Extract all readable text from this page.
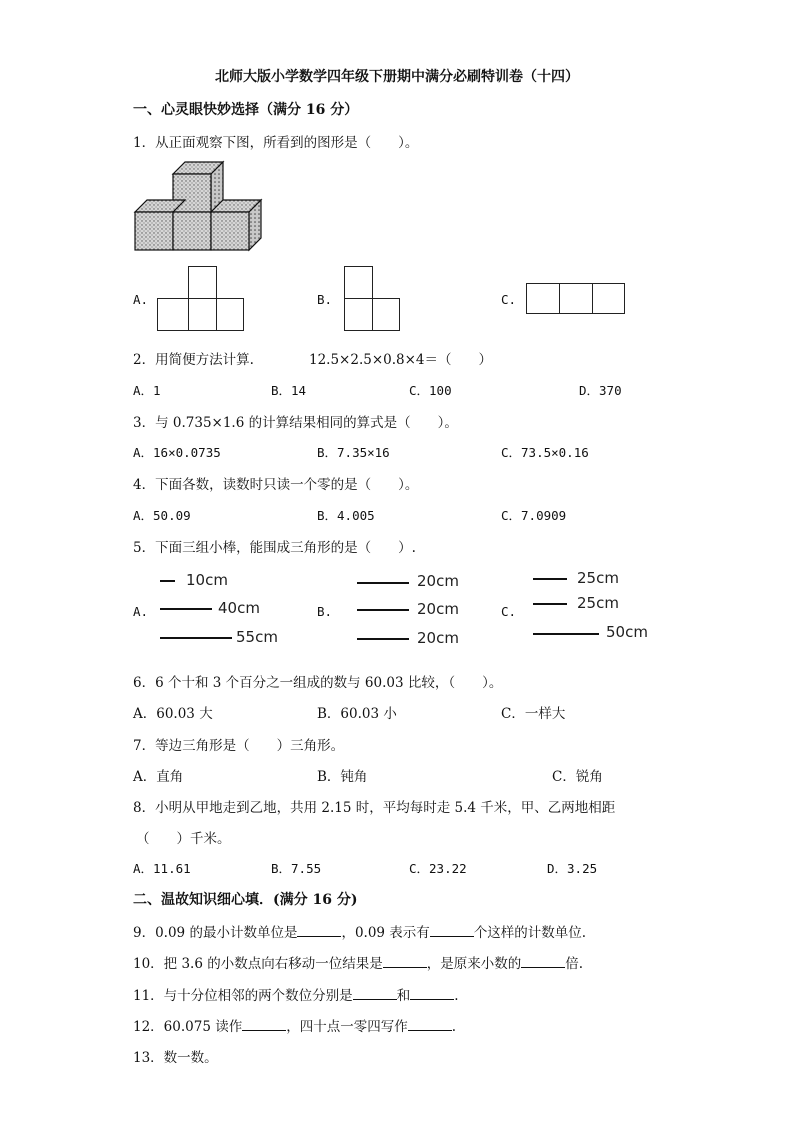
北师大版小学数学四年级下册期中满分必刷特训卷（十四）
一、心灵眼快妙选择（满分 16 分）
1．从正面观察下图，所看到的图形是（　　）。
A.	B.	C.
2．用简便方法计算.	12.5×2.5×0.8×4＝（　　）
A．1	B．14	C．100	D．370
3．与 0.735×1.6 的计算结果相同的算式是（　　）。
A．16×0.0735	B．7.35×16	C．73.5×0.16
4．下面各数，读数时只读一个零的是（　　）。
A．50.09	B．4.005	C．7.0909
5．下面三组小棒，能围成三角形的是（　　）.
A.
10cm
40cm
55cm
B.
20cm
20cm
20cm
C.
25cm
25cm
50cm
6．6 个十和 3 个百分之一组成的数与 60.03 比较，（　　）。
A．60.03 大	B．60.03 小	C．一样大
7．等边三角形是（　　）三角形。
A．直角	B．钝角	C．锐角
8．小明从甲地走到乙地，共用 2.15 时，平均每时走 5.4 千米，甲、乙两地相距
（　　）千米。
A．11.61	B．7.55	C．23.22	D．3.25
二、温故知识细心填．(满分 16 分)
9．0.09 的最小计数单位是	，0.09 表示有	个这样的计数单位.
10．把 3.6 的小数点向右移动一位结果是	，是原来小数的	倍.
11．与十分位相邻的两个数位分别是	和	.
12．60.075 读作	，四十点一零四写作	.
13．数一数。
